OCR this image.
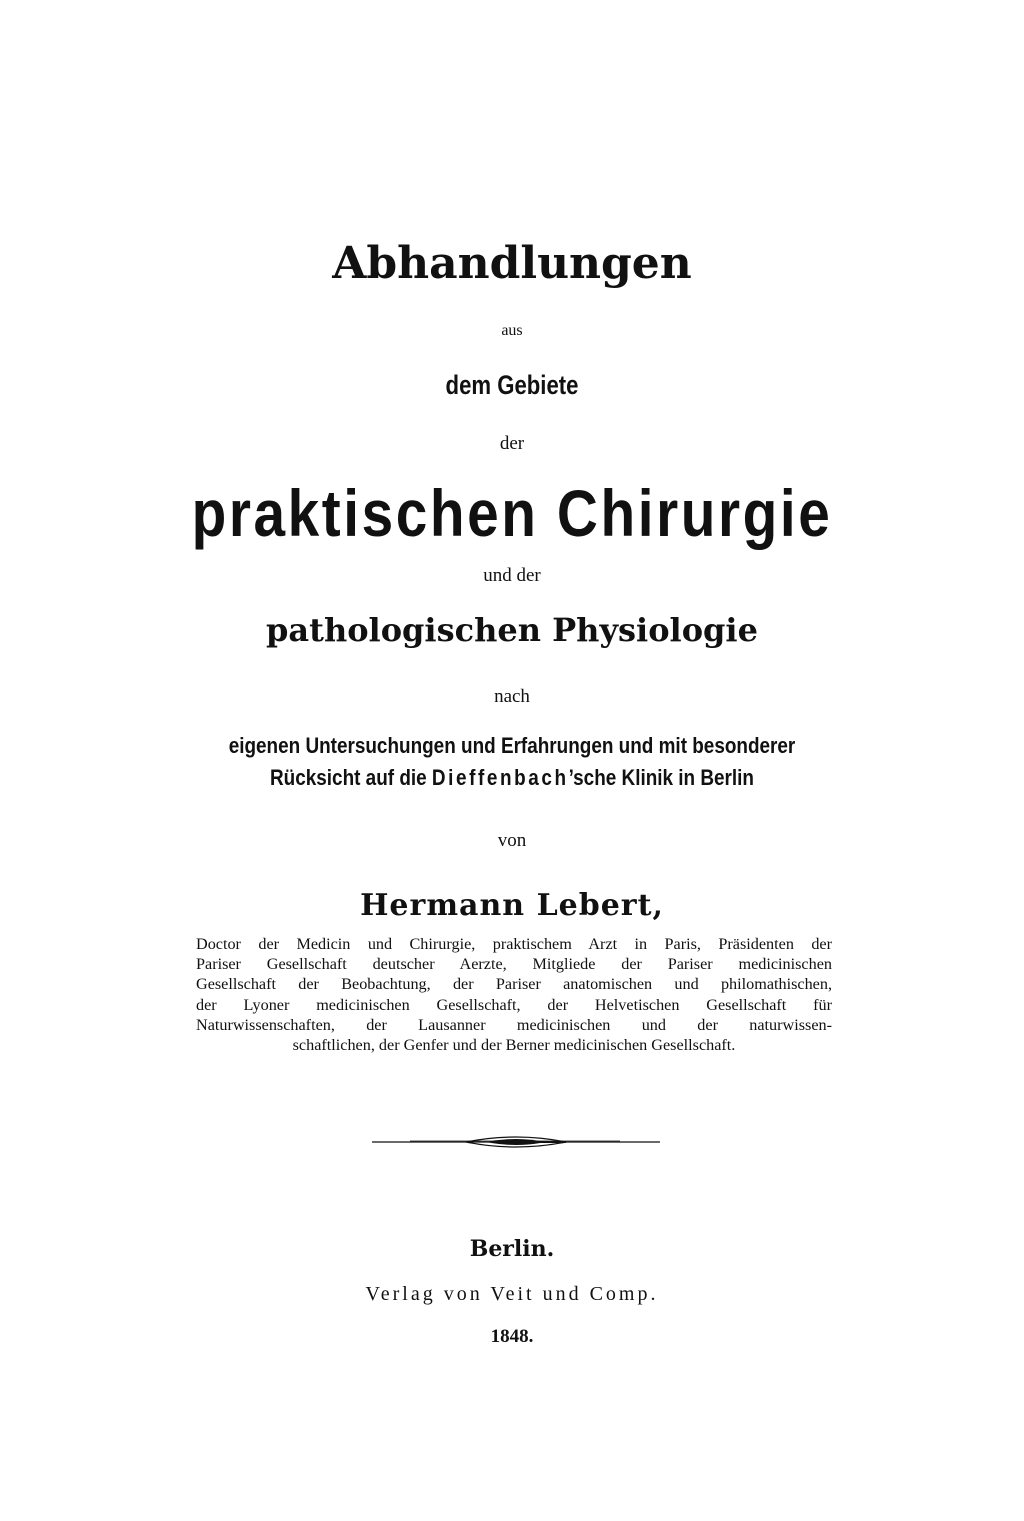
Abhandlungen
aus
dem Gebiete
der
praktischen Chirurgie
und der
pathologischen Physiologie
nach
eigenen Untersuchungen und Erfahrungen und mit besonderer
Rücksicht auf die Dieffenbach’sche Klinik in Berlin
von
Hermann Lebert,
Doctor der Medicin und Chirurgie, praktischem Arzt in Paris, Präsidenten der
Pariser Gesellschaft deutscher Aerzte, Mitgliede der Pariser medicinischen
Gesellschaft der Beobachtung, der Pariser anatomischen und philomathischen,
der Lyoner medicinischen Gesellschaft, der Helvetischen Gesellschaft für
Naturwissenschaften, der Lausanner medicinischen und der naturwissen-
schaftlichen, der Genfer und der Berner medicinischen Gesellschaft.
Berlin.
Verlag von Veit und Comp.
1848.
